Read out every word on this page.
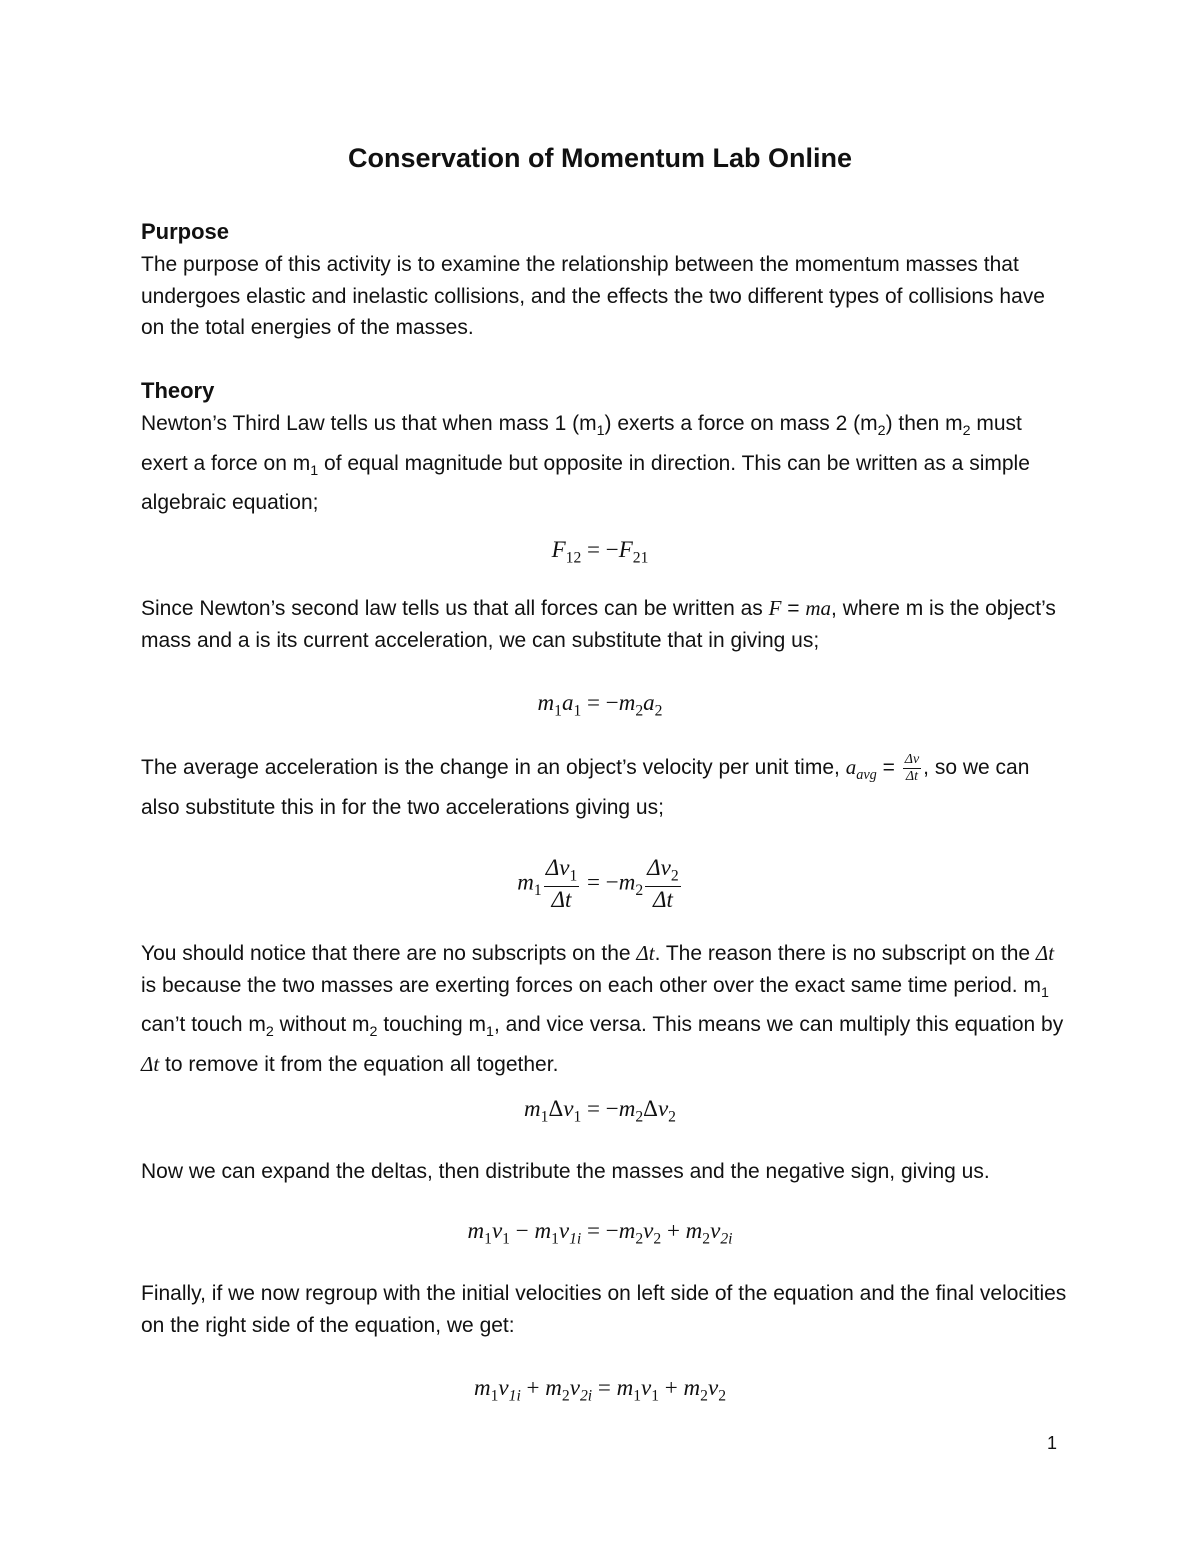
Conservation of Momentum Lab Online
Purpose

The purpose of this activity is to examine the relationship between the momentum masses that undergoes elastic and inelastic collisions, and the effects the two different types of collisions have on the total energies of the masses.

Theory

Newton’s Third Law tells us that when mass 1 $(m_1)$ exerts a force on mass 2 $(m_2)$ then $m_2$ must exert a force on $m_1$ of equal magnitude but opposite in direction. This can be written as a simple algebraic equation;

$F_{12} = -F_{21}$

Since Newton’s second law tells us that all forces can be written as F = ma, where m is the object’s mass and a is its current acceleration, we can substitute that in giving us;

$m_1a_1 = -m_2a_2$

The average acceleration is the change in an object’s velocity per unit time, $a_{avg} = \frac{\Delta v}{\Delta t}$ , so we can also substitute this in for the two accelerations giving us;

$m_1 \frac{\Delta v_1}{\Delta t} = -m_2 \frac{\Delta v_2}{\Delta t}$

You should notice that there are no subscripts on the Δt. The reason there is no subscript on the Δt is because the two masses are exerting forces on each other over the exact same time period. $m_1$ can’t touch $m_2$ without $m_2$ touching $m_1$, and vice versa. This means we can multiply this equation by Δt to remove it from the equation all together.

$m_1\Delta v_1 = -m_2\Delta v_2$

Now we can expand the deltas, then distribute the masses and the negative sign, giving us.

$m_1v_1 - m_1v_{1i} = -m_2v_2 + m_2v_{2i}$

Finally, if we now regroup with the initial velocities on left side of the equation and the final velocities on the right side of the equation, we get:

$m_1v_{1i} + m_2v_{2i} = m_1v_1 + m_2v_2$

1
